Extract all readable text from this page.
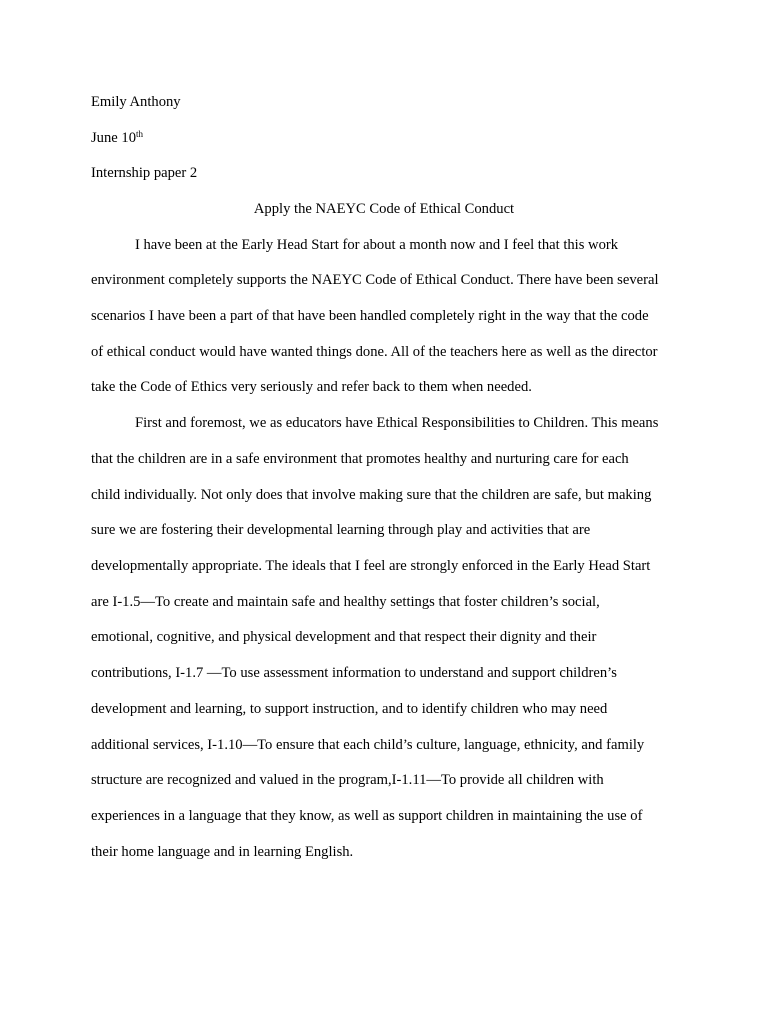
Emily Anthony
June 10th
Internship paper 2
Apply the NAEYC Code of Ethical Conduct
I have been at the Early Head Start for about a month now and I feel that this work
environment completely supports the NAEYC Code of Ethical Conduct. There have been several
scenarios I have been a part of that have been handled completely right in the way that the code
of ethical conduct would have wanted things done. All of the teachers here as well as the director
take the Code of Ethics very seriously and refer back to them when needed.
First and foremost, we as educators have Ethical Responsibilities to Children. This means
that the children are in a safe environment that promotes healthy and nurturing care for each
child individually. Not only does that involve making sure that the children are safe, but making
sure we are fostering their developmental learning through play and activities that are
developmentally appropriate. The ideals that I feel are strongly enforced in the Early Head Start
are I-1.5—To create and maintain safe and healthy settings that foster children’s social,
emotional, cognitive, and physical development and that respect their dignity and their
contributions, I-1.7 —To use assessment information to understand and support children’s
development and learning, to support instruction, and to identify children who may need
additional services, I-1.10—To ensure that each child’s culture, language, ethnicity, and family
structure are recognized and valued in the program,I-1.11—To provide all children with
experiences in a language that they know, as well as support children in maintaining the use of
their home language and in learning English.
